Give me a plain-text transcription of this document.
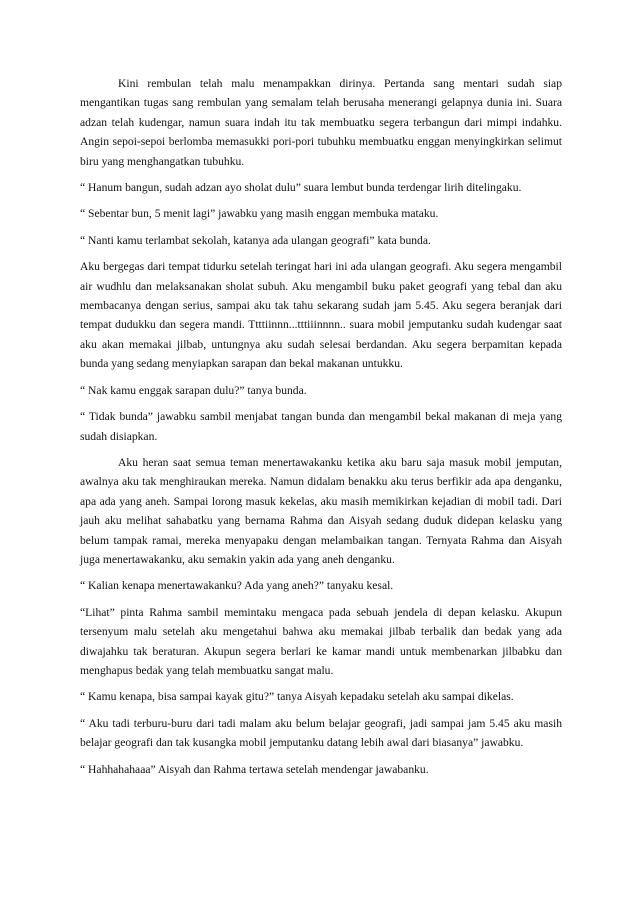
Kini rembulan telah malu menampakkan dirinya. Pertanda sang mentari sudah siap mengantikan tugas sang rembulan yang semalam telah berusaha menerangi gelapnya dunia ini. Suara adzan telah kudengar, namun suara indah itu tak membuatku segera terbangun dari mimpi indahku. Angin sepoi-sepoi berlomba memasukki pori-pori tubuhku membuatku enggan menyingkirkan selimut biru yang menghangatkan tubuhku.

“ Hanum bangun, sudah adzan ayo sholat dulu” suara lembut bunda terdengar lirih ditelingaku.

“ Sebentar bun, 5 menit lagi” jawabku yang masih enggan membuka mataku.

“ Nanti kamu terlambat sekolah, katanya ada ulangan geografi” kata bunda.

Aku bergegas dari tempat tidurku setelah teringat hari ini ada ulangan geografi. Aku segera mengambil air wudhlu dan melaksanakan sholat subuh. Aku mengambil buku paket geografi yang tebal dan aku membacanya dengan serius, sampai aku tak tahu sekarang sudah jam 5.45. Aku segera beranjak dari tempat dudukku dan segera mandi. Ttttiinnn...tttiiinnnn.. suara mobil jemputanku sudah kudengar saat aku akan memakai jilbab, untungnya aku sudah selesai berdandan. Aku segera berpamitan kepada bunda yang sedang menyiapkan sarapan dan bekal makanan untukku.

“ Nak kamu enggak sarapan dulu?” tanya bunda.

“ Tidak bunda” jawabku sambil menjabat tangan bunda dan mengambil bekal makanan di meja yang sudah disiapkan.

Aku heran saat semua teman menertawakanku ketika aku baru saja masuk mobil jemputan, awalnya aku tak menghiraukan mereka. Namun didalam benakku aku terus berfikir ada apa denganku, apa ada yang aneh. Sampai lorong masuk kekelas, aku masih memikirkan kejadian di mobil tadi. Dari jauh aku melihat sahabatku yang bernama Rahma dan Aisyah sedang duduk didepan kelasku yang belum tampak ramai, mereka menyapaku dengan melambaikan tangan. Ternyata Rahma dan Aisyah juga menertawakanku, aku semakin yakin ada yang aneh denganku.

“ Kalian kenapa menertawakanku? Ada yang aneh?” tanyaku kesal.

“Lihat” pinta Rahma sambil memintaku mengaca pada sebuah jendela di depan kelasku. Akupun tersenyum malu setelah aku mengetahui bahwa aku memakai jilbab terbalik dan bedak yang ada diwajahku tak beraturan. Akupun segera berlari ke kamar mandi untuk membenarkan jilbabku dan menghapus bedak yang telah membuatku sangat malu.

“ Kamu kenapa, bisa sampai kayak gitu?” tanya Aisyah kepadaku setelah aku sampai dikelas.

“ Aku tadi terburu-buru dari tadi malam aku belum belajar geografi, jadi sampai jam 5.45 aku masih belajar geografi dan tak kusangka mobil jemputanku datang lebih awal dari biasanya” jawabku.

“ Hahhahahaaa” Aisyah dan Rahma tertawa setelah mendengar jawabanku.
